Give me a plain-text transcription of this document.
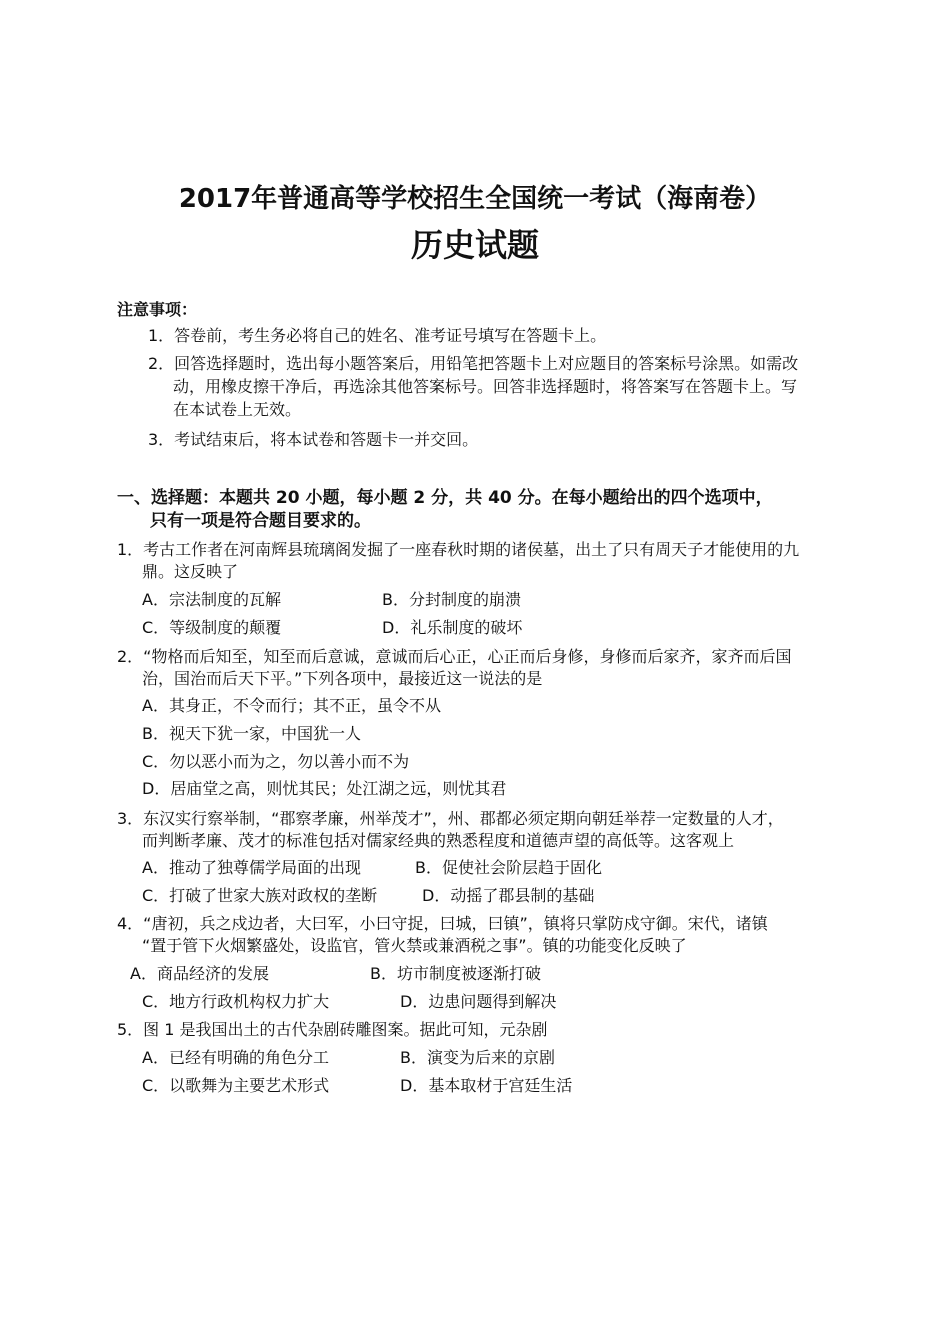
2017年普通高等学校招生全国统一考试（海南卷）
历史试题
注意事项：
1．答卷前，考生务必将自己的姓名、准考证号填写在答题卡上。
2．回答选择题时，选出每小题答案后，用铅笔把答题卡上对应题目的答案标号涂黑。如需改
动，用橡皮擦干净后，再选涂其他答案标号。回答非选择题时，将答案写在答题卡上。写
在本试卷上无效。
3．考试结束后，将本试卷和答题卡一并交回。
一、选择题：本题共 20 小题，每小题 2 分，共 40 分。在每小题给出的四个选项中，
只有一项是符合题目要求的。
1．考古工作者在河南辉县琉璃阁发掘了一座春秋时期的诸侯墓，出土了只有周天子才能使用的九
鼎。这反映了
A．宗法制度的瓦解	B．分封制度的崩溃
C．等级制度的颠覆	D．礼乐制度的破坏
2．“物格而后知至，知至而后意诚，意诚而后心正，心正而后身修，身修而后家齐，家齐而后国
治，国治而后天下平。”下列各项中，最接近这一说法的是
A．其身正，不令而行；其不正，虽令不从
B．视天下犹一家，中国犹一人
C．勿以恶小而为之，勿以善小而不为
D．居庙堂之高，则忧其民；处江湖之远，则忧其君
3．东汉实行察举制，“郡察孝廉，州举茂才”，州、郡都必须定期向朝廷举荐一定数量的人才，
而判断孝廉、茂才的标准包括对儒家经典的熟悉程度和道德声望的高低等。这客观上
A．推动了独尊儒学局面的出现	B．促使社会阶层趋于固化
C．打破了世家大族对政权的垄断	D．动摇了郡县制的基础
4．“唐初，兵之戍边者，大曰军，小曰守捉，曰城，曰镇”，镇将只掌防戍守御。宋代，诸镇
“置于管下火烟繁盛处，设监官，管火禁或兼酒税之事”。镇的功能变化反映了
A．商品经济的发展	B．坊市制度被逐渐打破
C．地方行政机构权力扩大	D．边患问题得到解决
5．图 1 是我国出土的古代杂剧砖雕图案。据此可知，元杂剧
A．已经有明确的角色分工	B．演变为后来的京剧
C．以歌舞为主要艺术形式	D．基本取材于宫廷生活
